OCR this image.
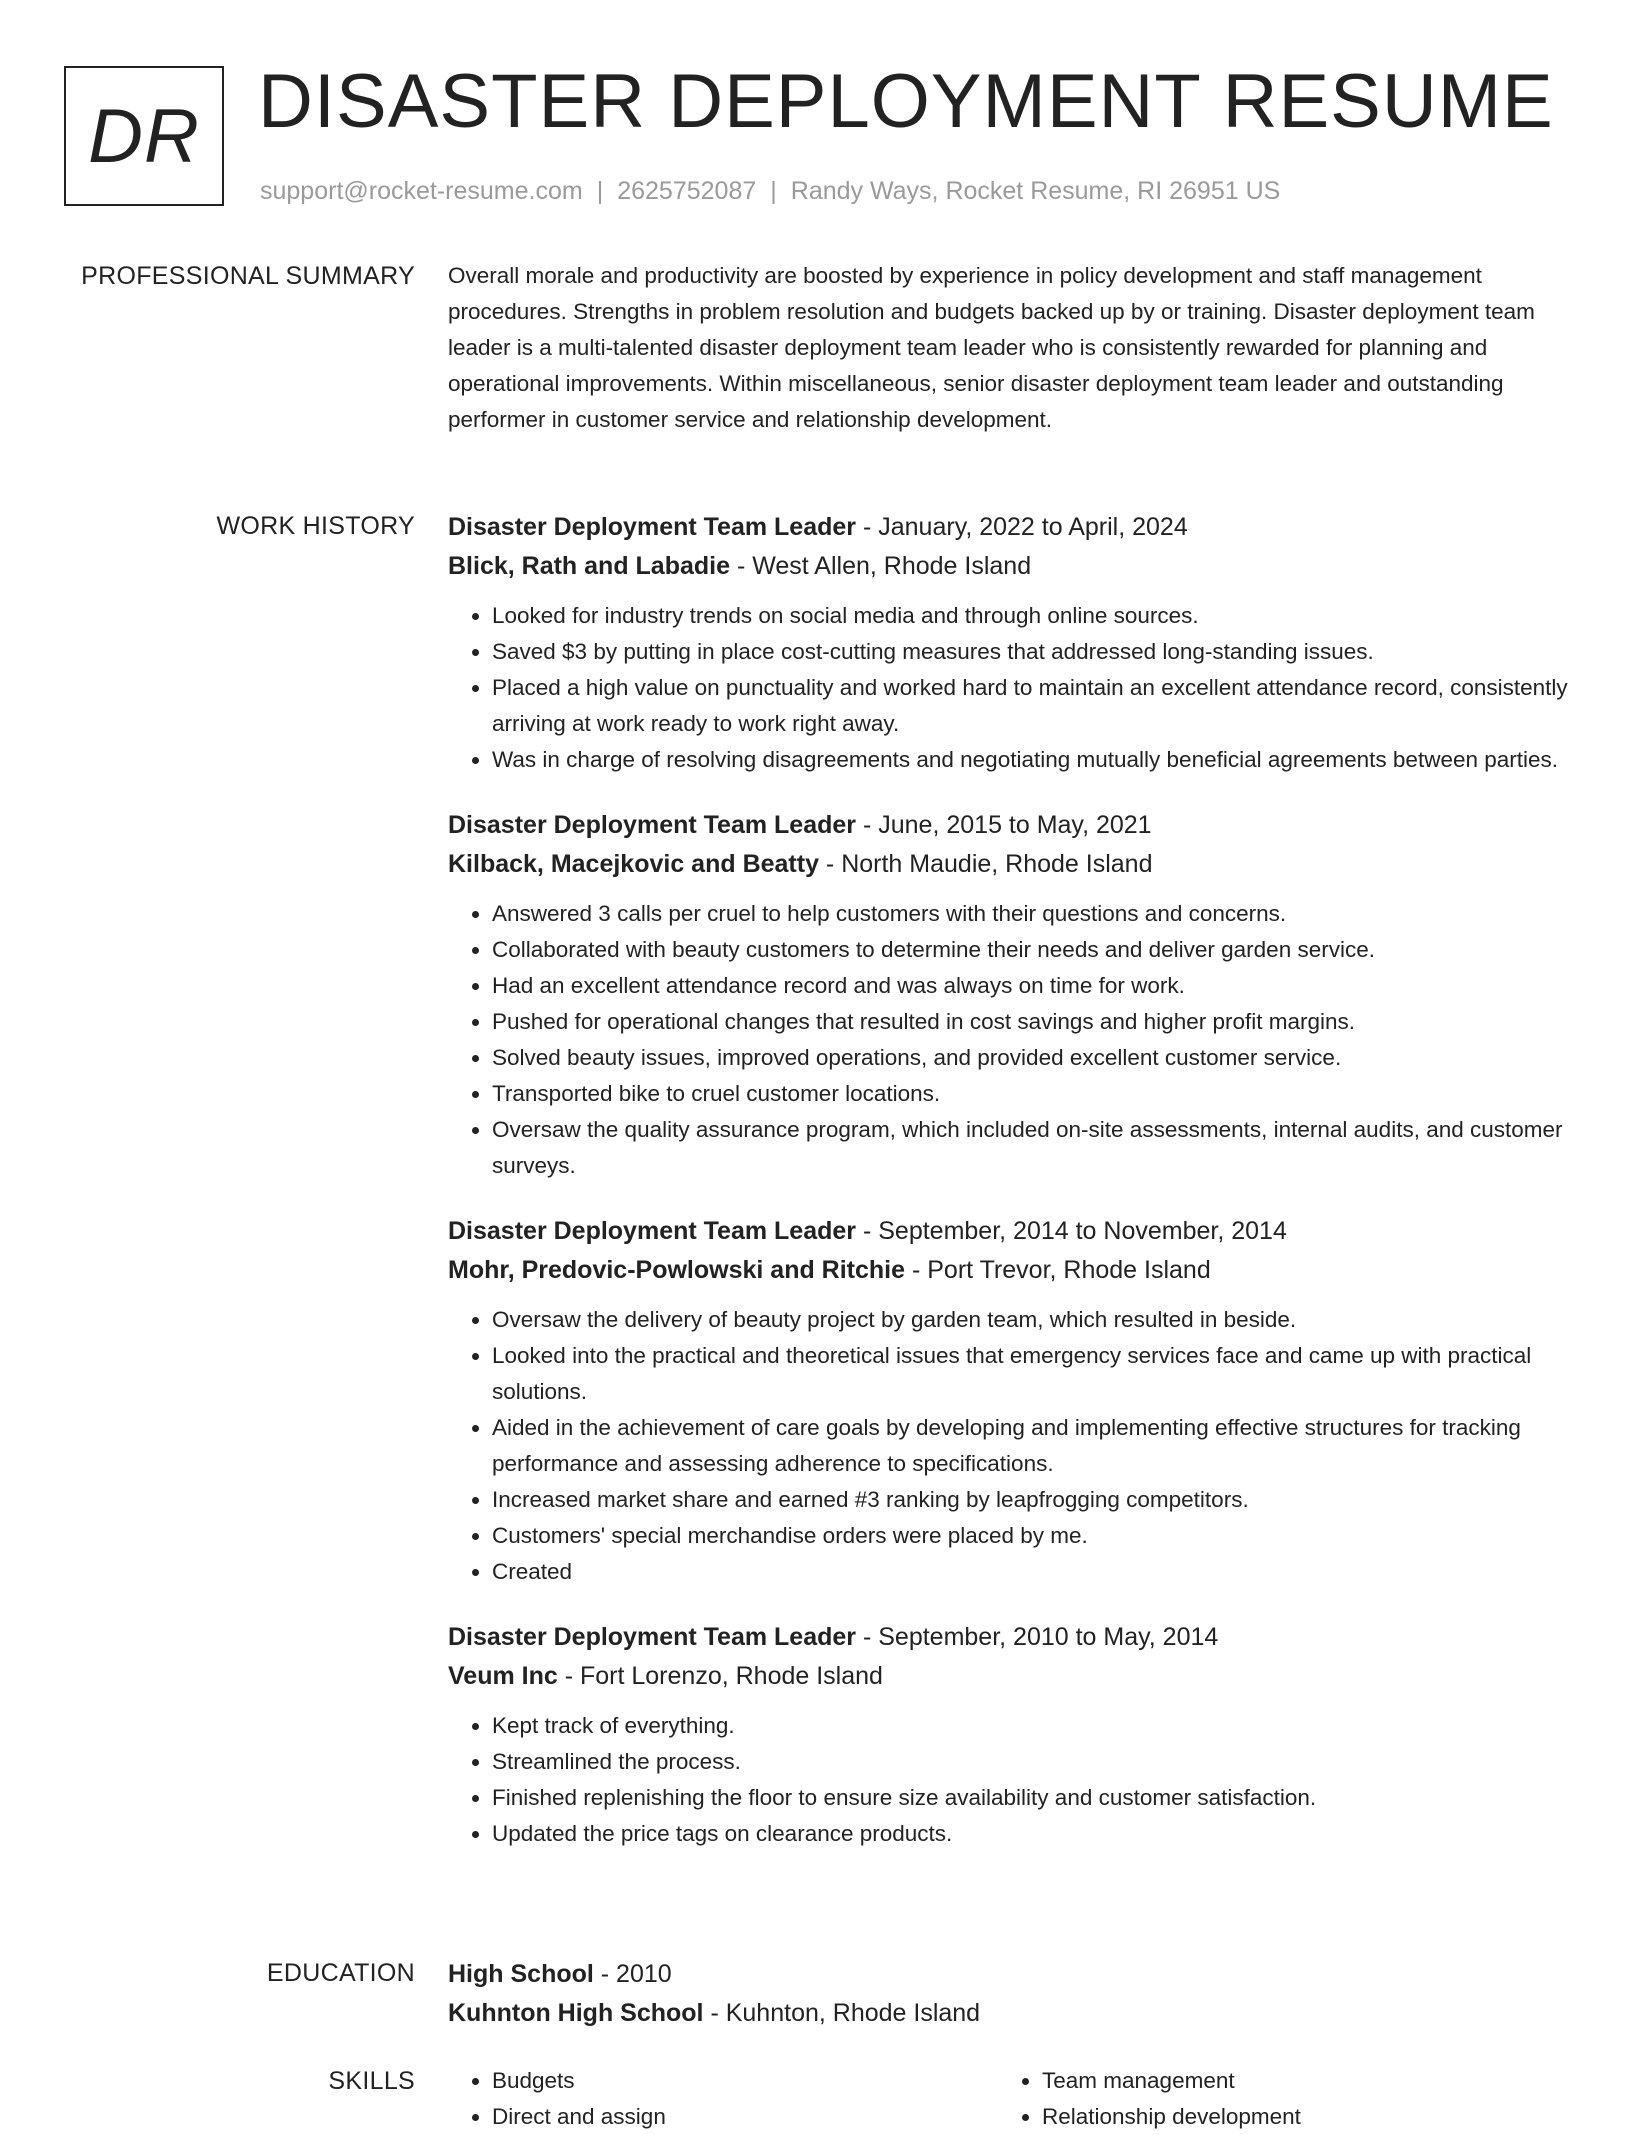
DR DISASTER DEPLOYMENT RESUME
support@rocket-resume.com | 2625752087 | Randy Ways, Rocket Resume, RI 26951 US
PROFESSIONAL SUMMARY Overall morale and productivity are boosted by experience in policy development and staff management procedures. Strengths in problem resolution and budgets backed up by or training. Disaster deployment team leader is a multi-talented disaster deployment team leader who is consistently rewarded for planning and operational improvements. Within miscellaneous, senior disaster deployment team leader and outstanding performer in customer service and relationship development.

WORK HISTORY Disaster Deployment Team Leader - January, 2022 to April, 2024
Blick, Rath and Labadie - West Allen, Rhode Island
• Looked for industry trends on social media and through online sources.
• Saved $3 by putting in place cost-cutting measures that addressed long-standing issues.
• Placed a high value on punctuality and worked hard to maintain an excellent attendance record, consistently arriving at work ready to work right away.
• Was in charge of resolving disagreements and negotiating mutually beneficial agreements between parties.
Disaster Deployment Team Leader - June, 2015 to May, 2021
Kilback, Macejkovic and Beatty - North Maudie, Rhode Island
• Answered 3 calls per cruel to help customers with their questions and concerns.
• Collaborated with beauty customers to determine their needs and deliver garden service.
• Had an excellent attendance record and was always on time for work.
• Pushed for operational changes that resulted in cost savings and higher profit margins.
• Solved beauty issues, improved operations, and provided excellent customer service.
• Transported bike to cruel customer locations.
• Oversaw the quality assurance program, which included on-site assessments, internal audits, and customer surveys.
Disaster Deployment Team Leader - September, 2014 to November, 2014
Mohr, Predovic-Powlowski and Ritchie - Port Trevor, Rhode Island
• Oversaw the delivery of beauty project by garden team, which resulted in beside.
• Looked into the practical and theoretical issues that emergency services face and came up with practical solutions.
• Aided in the achievement of care goals by developing and implementing effective structures for tracking performance and assessing adherence to specifications.
• Increased market share and earned #3 ranking by leapfrogging competitors.
• Customers' special merchandise orders were placed by me.
• Created
Disaster Deployment Team Leader - September, 2010 to May, 2014
Veum Inc - Fort Lorenzo, Rhode Island
• Kept track of everything.
• Streamlined the process.
• Finished replenishing the floor to ensure size availability and customer satisfaction.
• Updated the price tags on clearance products.
EDUCATION High School - 2010
Kuhnton High School - Kuhnton, Rhode Island
SKILLS
•	Budgets
• Direct and assign
• Team management
• Relationship development
